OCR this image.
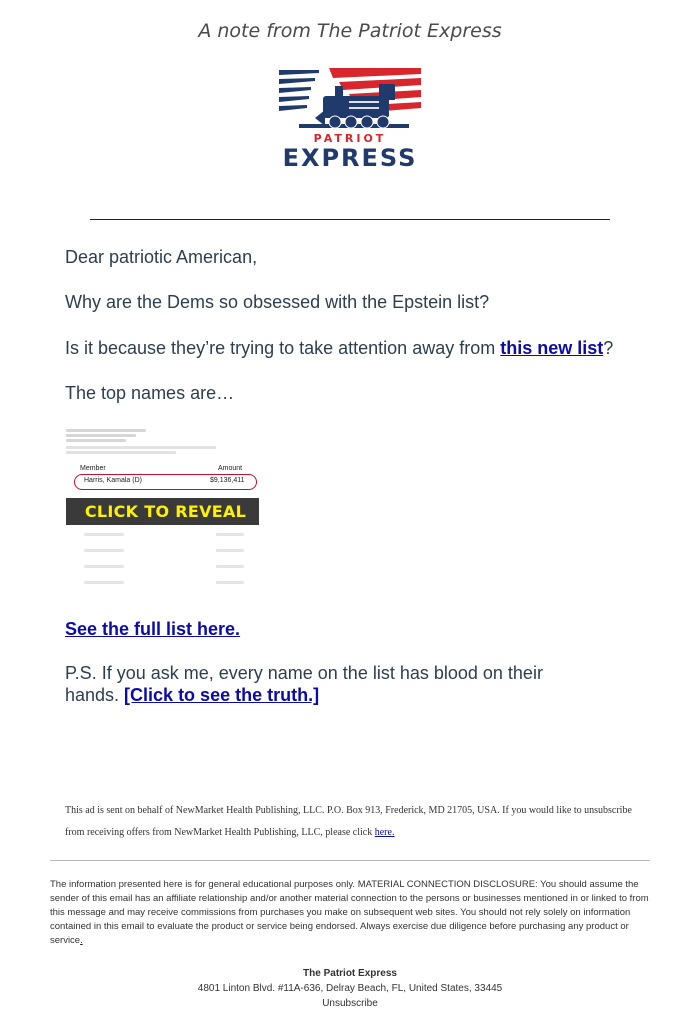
A note from The Patriot Express
PATRIOT
EXPRESS
Dear patriotic American,
Why are the Dems so obsessed with the Epstein list?
Is it because they’re trying to take attention away from this new list?
The top names are…
Member	Amount
Harris, Kamala (D)	$9,136,411
CLICK TO REVEAL
See the full list here.
P.S. If you ask me, every name on the list has blood on their hands. [Click to see the truth.]
This ad is sent on behalf of NewMarket Health Publishing, LLC. P.O. Box 913, Frederick, MD 21705, USA. If you would like to unsubscribe from receiving offers from NewMarket Health Publishing, LLC, please click here.
The information presented here is for general educational purposes only. MATERIAL CONNECTION DISCLOSURE: You should assume the sender of this email has an affiliate relationship and/or another material connection to the persons or businesses mentioned in or linked to from this message and may receive commissions from purchases you make on subsequent web sites. You should not rely solely on information contained in this email to evaluate the product or service being endorsed. Always exercise due diligence before purchasing any product or service.
The Patriot Express
4801 Linton Blvd. #11A-636, Delray Beach, FL, United States, 33445
Unsubscribe
